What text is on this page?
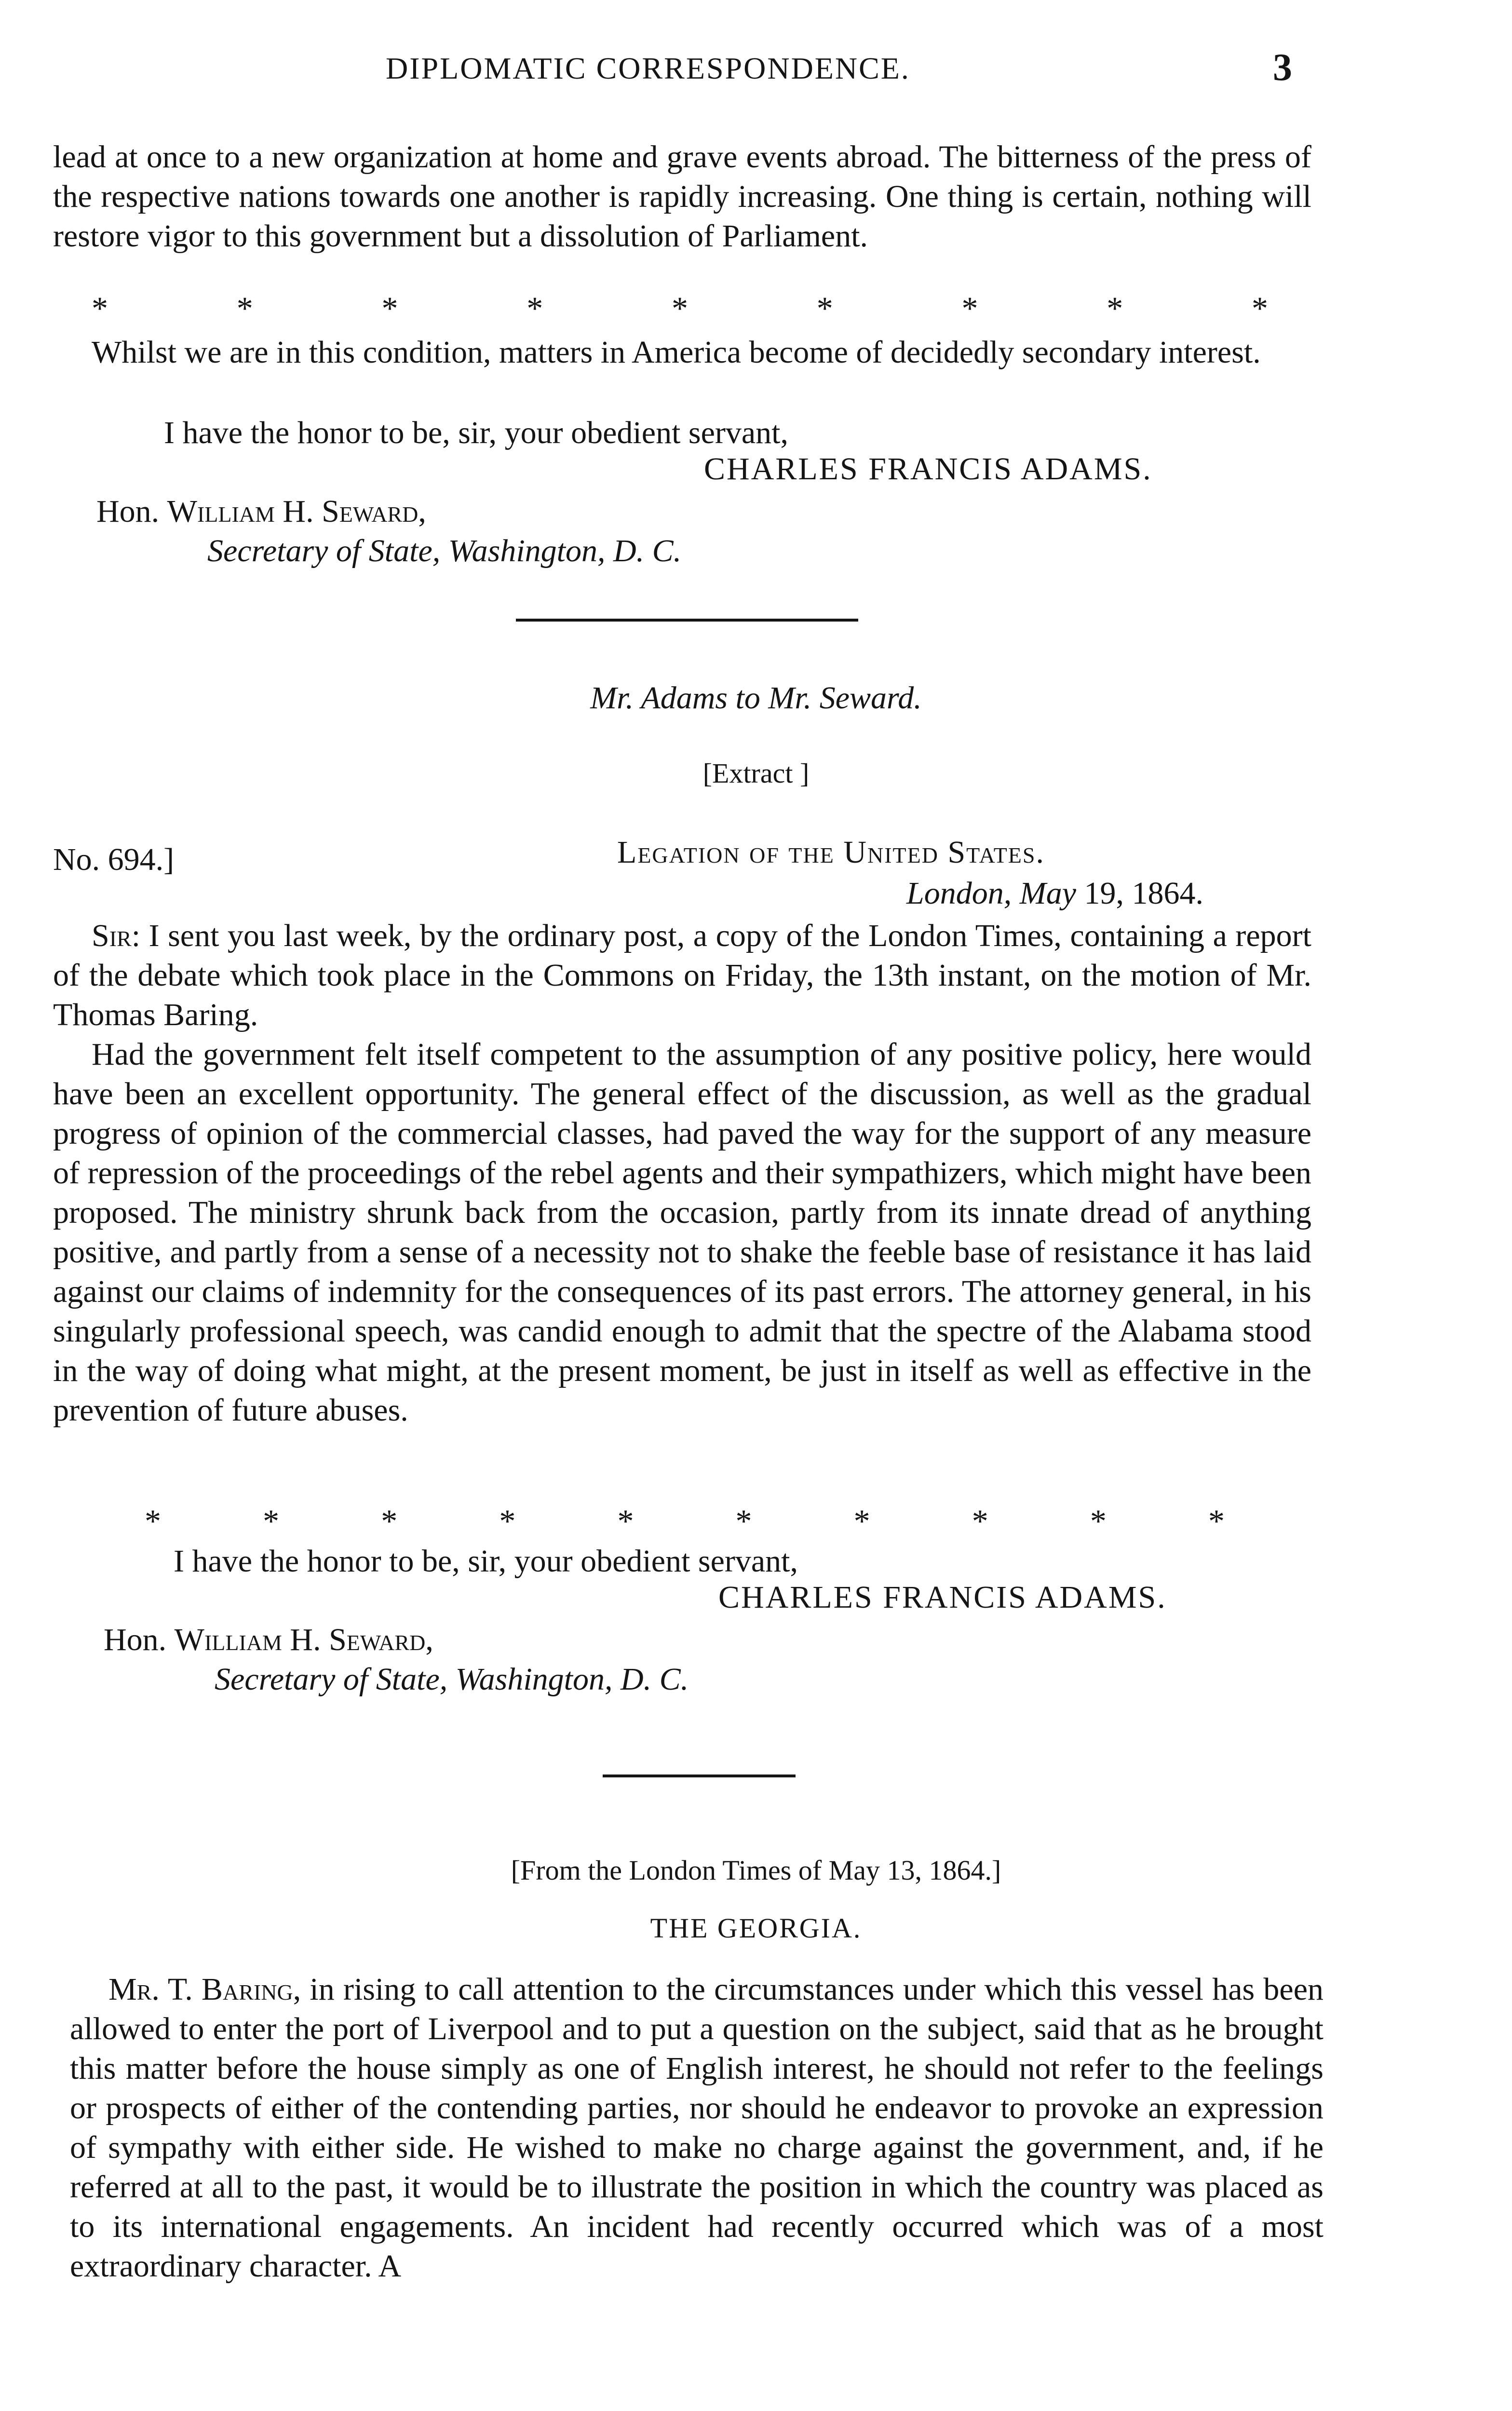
DIPLOMATIC CORRESPONDENCE.	3
lead at once to a new organization at home and grave events abroad. The bitterness of the press of the respective nations towards one another is rapidly increasing. One thing is certain, nothing will restore vigor to this government but a dissolution of Parliament.
*	*	*	*	*	*	*	*	*
Whilst we are in this condition, matters in America become of decidedly secondary interest.
I have the honor to be, sir, your obedient servant,
CHARLES FRANCIS ADAMS.
Hon. William H. Seward,
Secretary of State, Washington, D. C.
Mr. Adams to Mr. Seward.
[Extract ]
No. 694.]	Legation of the United States.
London, May 19, 1864.
Sir: I sent you last week, by the ordinary post, a copy of the London Times, containing a report of the debate which took place in the Commons on Friday, the 13th instant, on the motion of Mr. Thomas Baring.
Had the government felt itself competent to the assumption of any positive policy, here would have been an excellent opportunity. The general effect of the discussion, as well as the gradual progress of opinion of the commercial classes, had paved the way for the support of any measure of repression of the proceedings of the rebel agents and their sympathizers, which might have been proposed. The ministry shrunk back from the occasion, partly from its innate dread of anything positive, and partly from a sense of a necessity not to shake the feeble base of resistance it has laid against our claims of indemnity for the consequences of its past errors. The attorney general, in his singularly professional speech, was candid enough to admit that the spectre of the Alabama stood in the way of doing what might, at the present moment, be just in itself as well as effective in the prevention of future abuses.
*	*	*	*	*	*	*	*	*	*
I have the honor to be, sir, your obedient servant,
CHARLES FRANCIS ADAMS.
Hon. William H. Seward,
Secretary of State, Washington, D. C.
[From the London Times of May 13, 1864.]
THE GEORGIA.
Mr. T. Baring, in rising to call attention to the circumstances under which this vessel has been allowed to enter the port of Liverpool and to put a question on the subject, said that as he brought this matter before the house simply as one of English interest, he should not refer to the feelings or prospects of either of the contending parties, nor should he endeavor to provoke an expression of sympathy with either side. He wished to make no charge against the government, and, if he referred at all to the past, it would be to illustrate the position in which the country was placed as to its international engagements. An incident had recently occurred which was of a most extraordinary character. A
